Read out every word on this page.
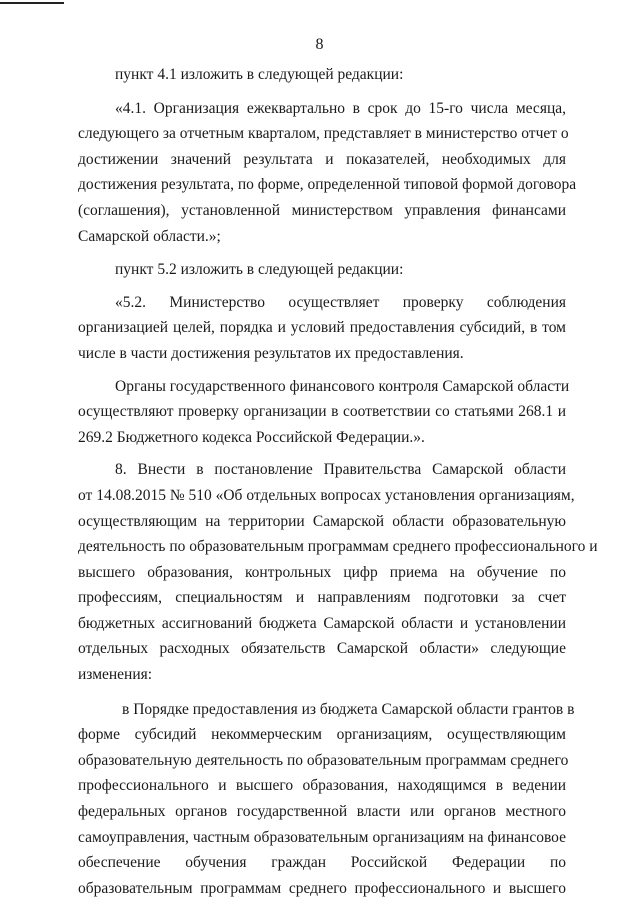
8

пункт 4.1 изложить в следующей редакции:

«4.1. Организация ежеквартально в срок до 15-го числа месяца,
следующего за отчетным кварталом, представляет в министерство отчет о
достижении значений результата и показателей, необходимых для
достижения результата, по форме, определенной типовой формой договора
(соглашения), установленной министерством управления финансами
Самарской области.»;

пункт 5.2 изложить в следующей редакции:

«5.2. Министерство осуществляет проверку соблюдения
организацией целей, порядка и условий предоставления субсидий, в том
числе в части достижения результатов их предоставления.

Органы государственного финансового контроля Самарской области
осуществляют проверку организации в соответствии со статьями 268.1 и
269.2 Бюджетного кодекса Российской Федерации.».

8. Внести в постановление Правительства Самарской области
от 14.08.2015 № 510 «Об отдельных вопросах установления организациям,
осуществляющим на территории Самарской области образовательную
деятельность по образовательным программам среднего профессионального и
высшего образования, контрольных цифр приема на обучение по
профессиям, специальностям и направлениям подготовки за счет
бюджетных ассигнований бюджета Самарской области и установлении
отдельных расходных обязательств Самарской области» следующие
изменения:

в Порядке предоставления из бюджета Самарской области грантов в
форме субсидий некоммерческим организациям, осуществляющим
образовательную деятельность по образовательным программам среднего
профессионального и высшего образования, находящимся в ведении
федеральных органов государственной власти или органов местного
самоуправления, частным образовательным организациям на финансовое
обеспечение обучения граждан Российской Федерации по
образовательным программам среднего профессионального и высшего
